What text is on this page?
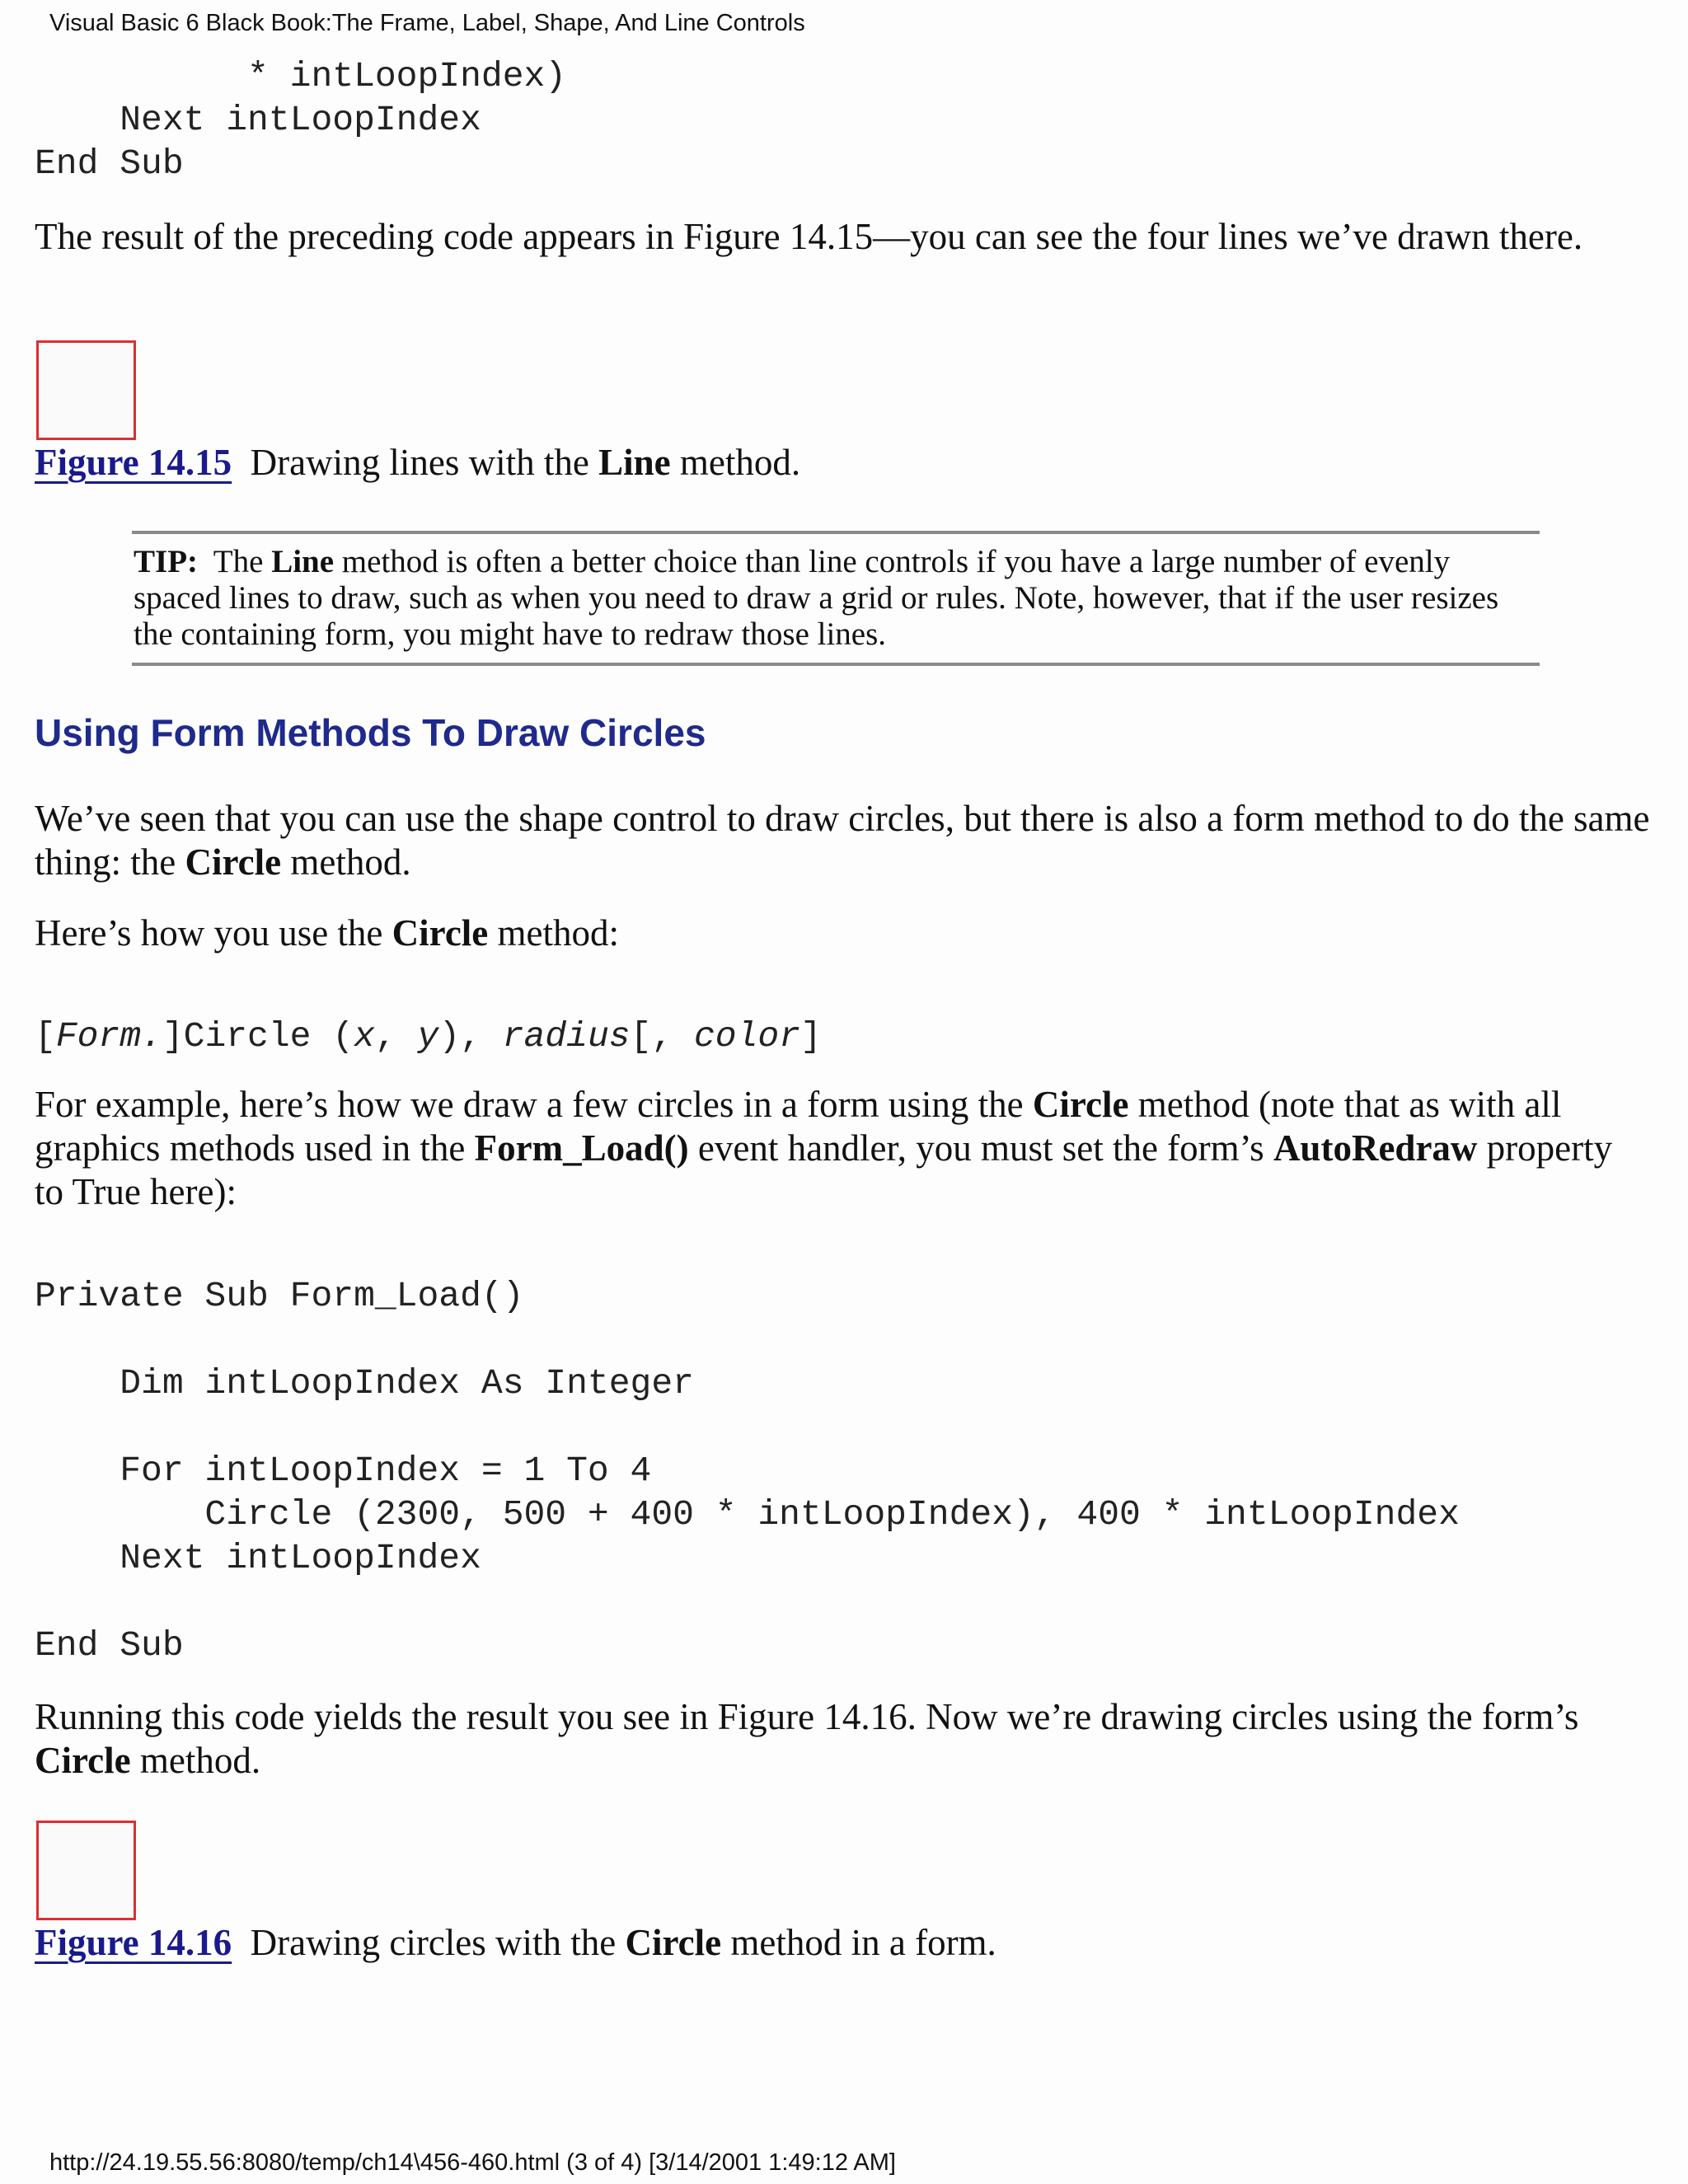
Visual Basic 6 Black Book:The Frame, Label, Shape, And Line Controls
* intLoopIndex)
Next intLoopIndex
End Sub

The result of the preceding code appears in Figure 14.15—you can see the four lines we’ve drawn there.

Figure 14.15 Drawing lines with the Line method.

TIP: The Line method is often a better choice than line controls if you have a large number of evenly spaced lines to draw, such as when you need to draw a grid or rules. Note, however, that if the user resizes the containing form, you might have to redraw those lines.
Using Form Methods To Draw Circles

We’ve seen that you can use the shape control to draw circles, but there is also a form method to do the same thing: the Circle method.

Here’s how you use the Circle method:

[Form.]Circle (x, y), radius[, color]

For example, here’s how we draw a few circles in a form using the Circle method (note that as with all graphics methods used in the Form_Load() event handler, you must set the form’s AutoRedraw property to True here):

Private Sub Form_Load()

Dim intLoopIndex As Integer

For intLoopIndex = 1 To 4
Circle (2300, 500 + 400 * intLoopIndex), 400 * intLoopIndex
Next intLoopIndex

End Sub

Running this code yields the result you see in Figure 14.16. Now we’re drawing circles using the form’s Circle method.

Figure 14.16 Drawing circles with the Circle method in a form.

http://24.19.55.56:8080/temp/ch14\456-460.html (3 of 4) [3/14/2001 1:49:12 AM]
